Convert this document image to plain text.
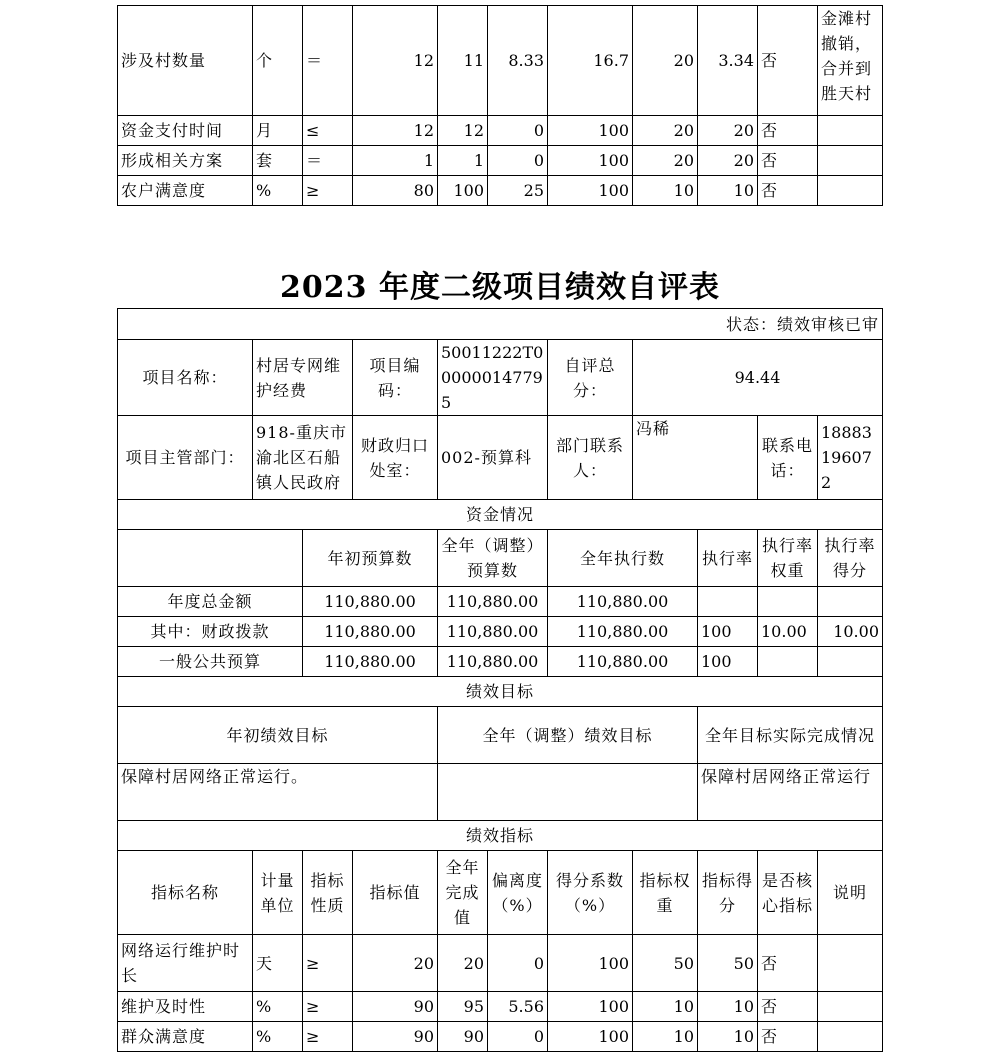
涉及村数量	个	＝	12	11	8.33	16.7	20	3.34	否	金滩村撤销，合并到胜天村
资金支付时间	月	≤	12	12	0	100	20	20	否	
形成相关方案	套	＝	1	1	0	100	20	20	否	
农户满意度	%	≥	80	100	25	100	10	10	否	
2023 年度二级项目绩效自评表
状态：绩效审核已审										
项目名称：	村居专网维护经费		项目编码：	50011222T000000147795		自评总分：	94.44			
项目主管部门：	918-重庆市渝北区石船镇人民政府		财政归口处室：	002-预算科		部门联系人：	冯稀		联系电话：	18883196072
资金情况										
		年初预算数		全年（调整）预算数		全年执行数		执行率	执行率权重	执行率得分
年度总金额		110,880.00		110,880.00		110,880.00				
其中：财政拨款		110,880.00		110,880.00		110,880.00		100	10.00	10.00
一般公共预算		110,880.00		110,880.00		110,880.00		100		
绩效目标										
年初绩效目标				全年（调整）绩效目标				全年目标实际完成情况		
保障村居网络正常运行。								保障村居网络正常运行		
绩效指标										
指标名称	计量单位	指标性质	指标值	全年完成值	偏离度（%）	得分系数（%）	指标权重	指标得分	是否核心指标	说明
网络运行维护时长	天	≥	20	20	0	100	50	50	否	
维护及时性	%	≥	90	95	5.56	100	10	10	否	
群众满意度	%	≥	90	90	0	100	10	10	否	
